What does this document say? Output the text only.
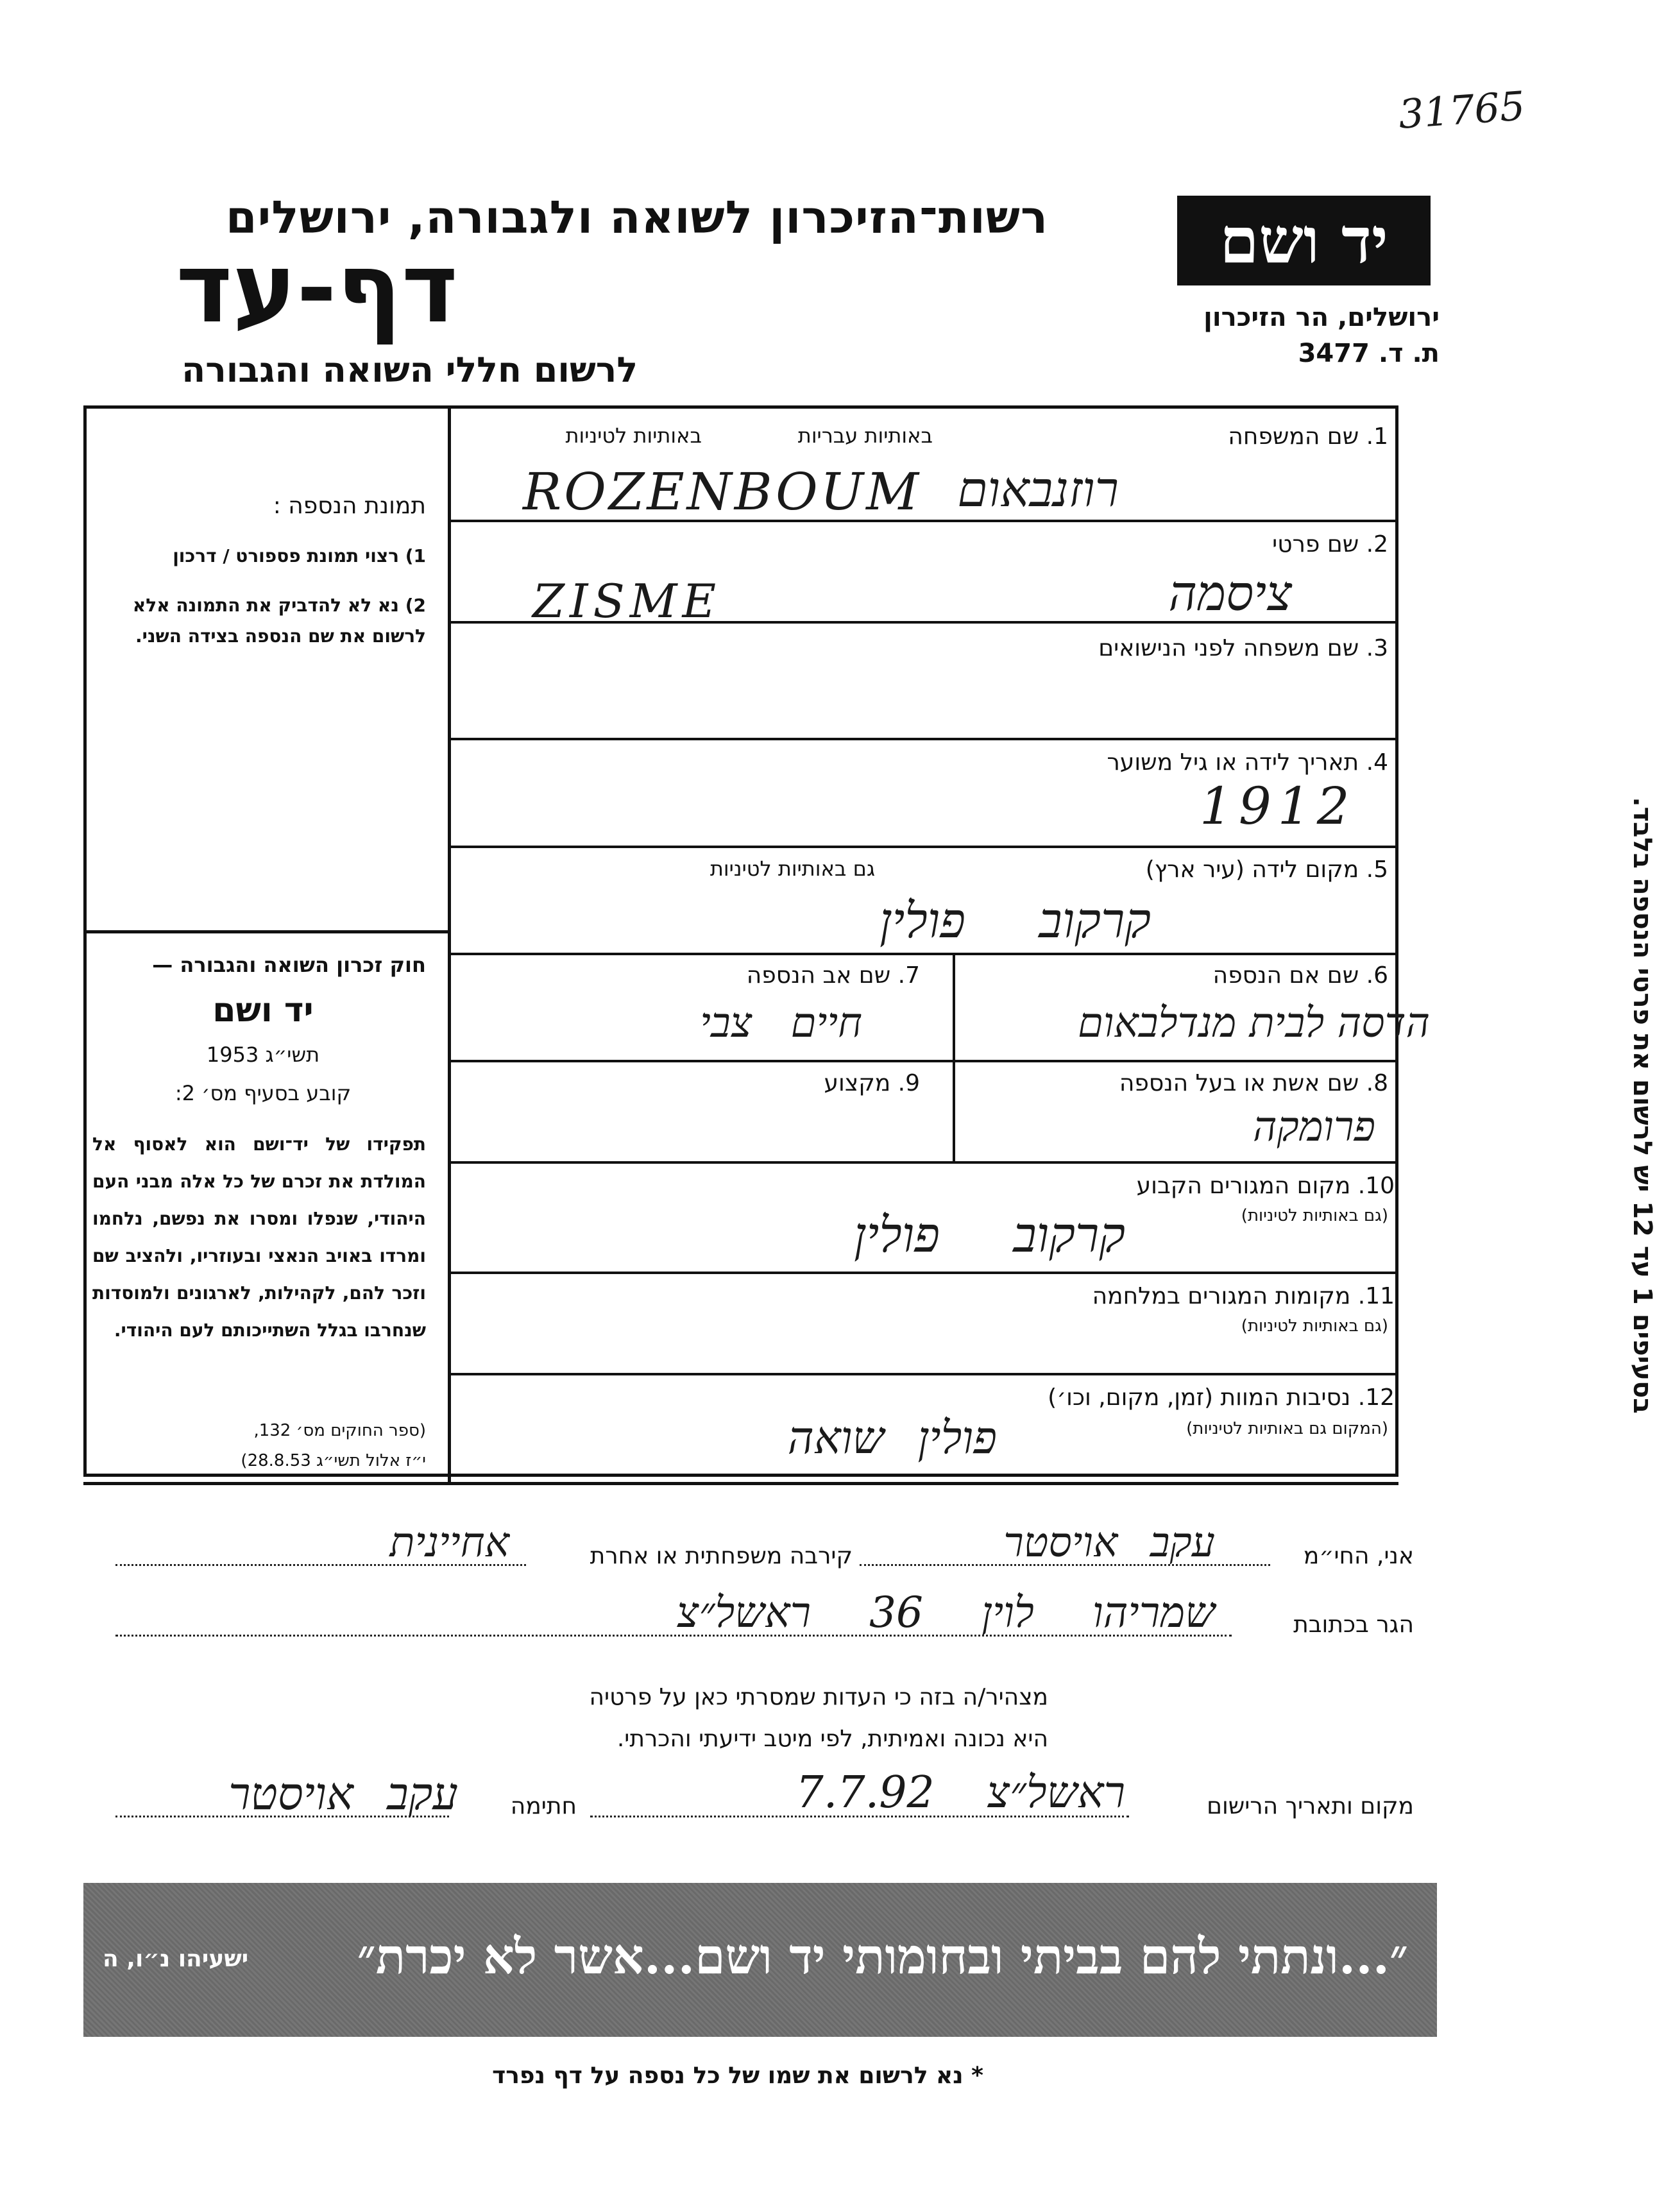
31765
רשות־הזיכרון לשואה ולגבורה, ירושלים
דף-עד
לרשום חללי השואה והגבורה
יד ושם
ירושלים, הר הזיכרון
ת. ד. 3477
תמונת הנספה :
1) רצוי תמונת פספורט / דרכון
2) נא לא להדביק את התמונה אלא לרשום את שם הנספה בצידה השני.
חוק זכרון השואה והגבורה —
יד ושם
תשי״ג 1953
קובע בסעיף מס׳ 2:
תפקידו של יד־ושם הוא לאסוף אל המולדת את זכרם של כל אלה מבני העם היהודי, שנפלו ומסרו את נפשם, נלחמו ומרדו באויב הנאצי ובעוזריו, ולהציב שם וזכר להם, לקהילות, לארגונים ולמוסדות שנחרבו בגלל השתייכותם לעם היהודי.
(ספר החוקים מס׳ 132,
י״ז אלול תשי״ג 28.8.53)
1. שם המשפחה
באותיות עבריות
באותיות לטיניות
ROZENBOUM רוזנבאום
2. שם פרטי
ZISME	ציסמה
3. שם משפחה לפני הנישואים
4. תאריך לידה או גיל משוער
1912
5. מקום לידה (עיר ארץ)
גם באותיות לטיניות
קרקוב פולין
6. שם אם הנספה
הדסה לבית מנדלבאום
7. שם אב הנספה
חיים צבי
8. שם אשת או בעל הנספה
פרומקה
9. מקצוע
10. מקום המגורים הקבוע
(גם באותיות לטיניות)
קרקוב פולין
11. מקומות המגורים במלחמה
(גם באותיות לטיניות)
12. נסיבות המוות (זמן, מקום, וכו׳)
(המקום גם באותיות לטיניות)
פולין שואה
בסעיפים 1 עד 12 יש לרשום את פרטי הנספה בלבד.
אני, החי״מ
עקב אויסטר
קירבה משפחתית או אחרת
אחיינית
הגר בכתובת
שמריהו לוין 36 ראשל״צ
מצהיר/ה בזה כי העדות שמסרתי כאן על פרטיה
היא נכונה ואמיתית, לפי מיטב ידיעתי והכרתי.
מקום ותאריך הרישום
ראשל״צ 7.7.92
חתימה
עקב אויסטר
״...ונתתי להם בביתי ובחומותי יד ושם...אשר לא יכרת״
ישעיהו נ״ו, ה
* נא לרשום את שמו של כל נספה על דף נפרד
